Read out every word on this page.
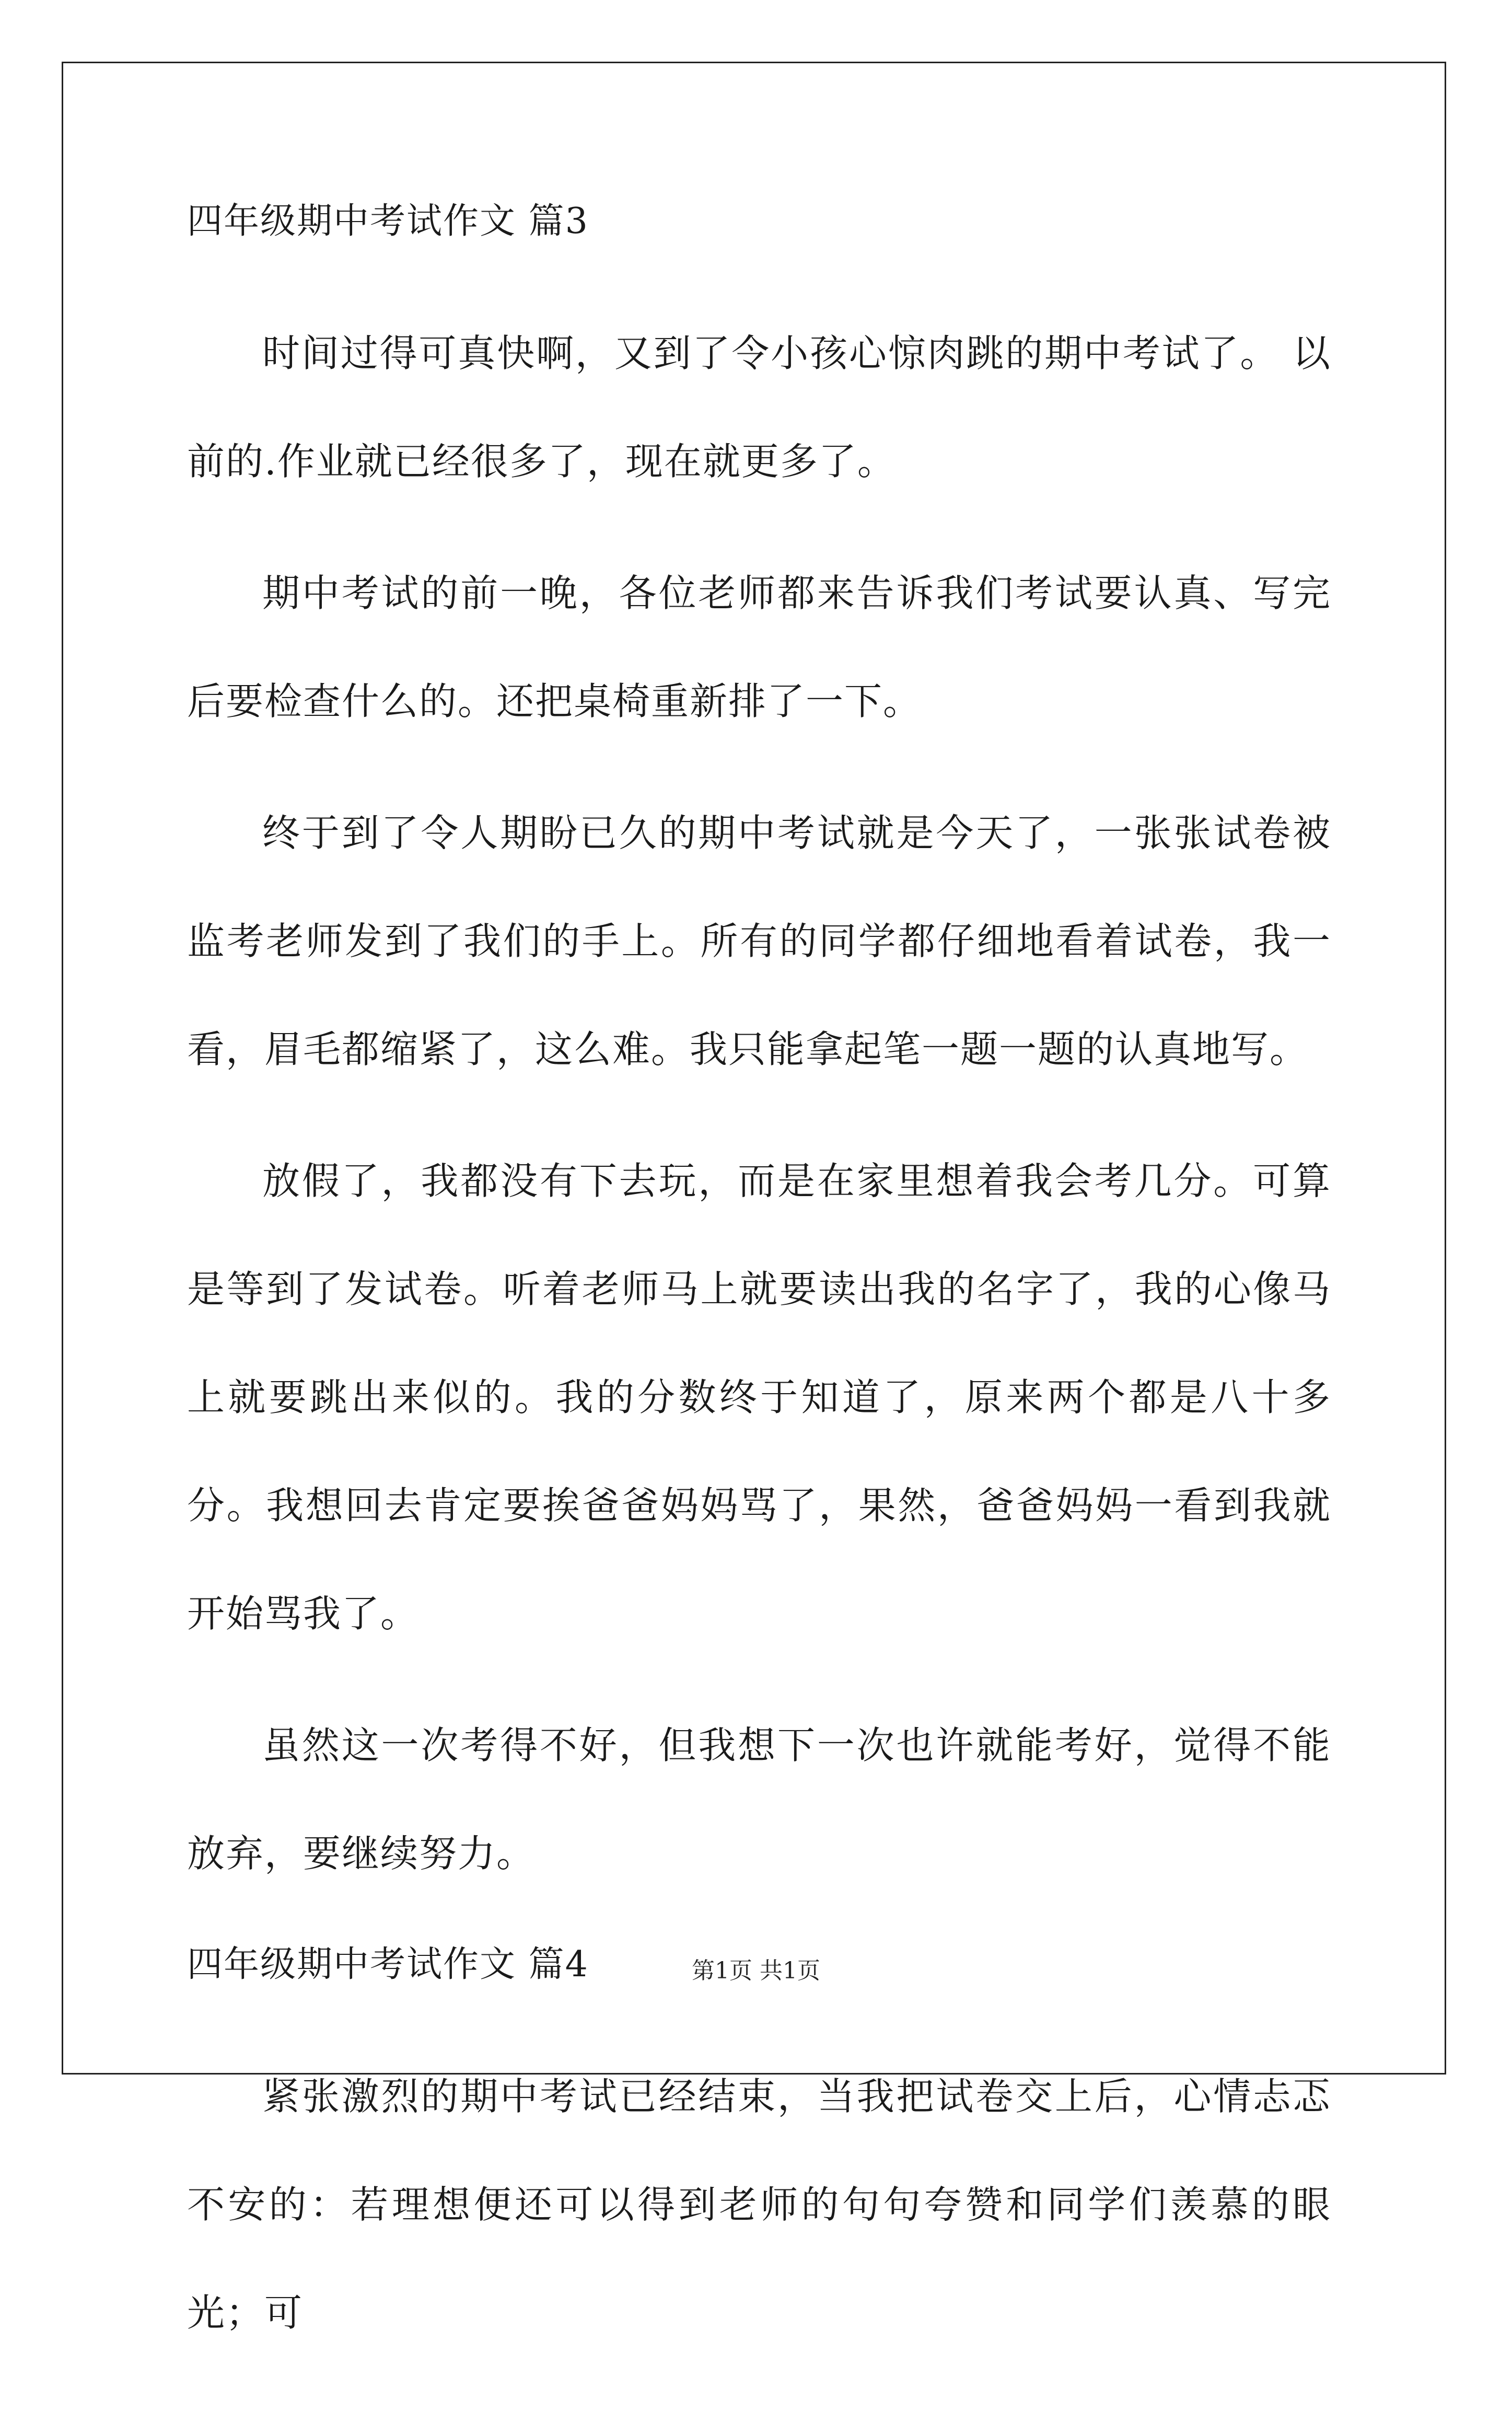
四年级期中考试作文 篇3

时间过得可真快啊，又到了令小孩心惊肉跳的期中考试了。 以前的.作业就已经很多了，现在就更多了。

期中考试的前一晚，各位老师都来告诉我们考试要认真、写完后要检查什么的。还把桌椅重新排了一下。

终于到了令人期盼已久的期中考试就是今天了，一张张试卷被监考老师发到了我们的手上。所有的同学都仔细地看着试卷，我一看，眉毛都缩紧了，这么难。我只能拿起笔一题一题的认真地写。

放假了，我都没有下去玩，而是在家里想着我会考几分。可算是等到了发试卷。听着老师马上就要读出我的名字了，我的心像马上就要跳出来似的。我的分数终于知道了，原来两个都是八十多分。我想回去肯定要挨爸爸妈妈骂了，果然，爸爸妈妈一看到我就开始骂我了。

虽然这一次考得不好，但我想下一次也许就能考好，觉得不能放弃，要继续努力。

四年级期中考试作文 篇4

紧张激烈的期中考试已经结束，当我把试卷交上后，心情忐忑不安的：若理想便还可以得到老师的句句夸赞和同学们羡慕的眼光；可

第1页 共1页
